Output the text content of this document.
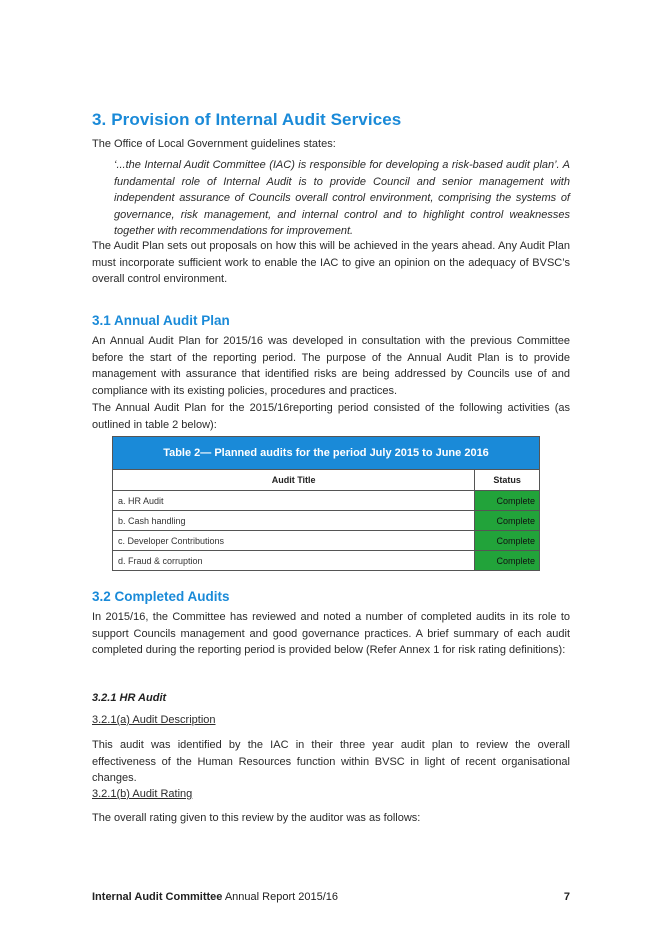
3. Provision of Internal Audit Services

The Office of Local Government guidelines states:

‘...the Internal Audit Committee (IAC) is responsible for developing a risk-based audit plan’. A fundamental role of Internal Audit is to provide Council and senior management with independent assurance of Councils overall control environment, comprising the systems of governance, risk management, and internal control and to highlight control weaknesses together with recommendations for improvement.

The Audit Plan sets out proposals on how this will be achieved in the years ahead. Any Audit Plan must incorporate sufficient work to enable the IAC to give an opinion on the adequacy of BVSC’s overall control environment.

3.1 Annual Audit Plan

An Annual Audit Plan for 2015/16 was developed in consultation with the previous Committee before the start of the reporting period. The purpose of the Annual Audit Plan is to provide management with assurance that identified risks are being addressed by Councils use of and compliance with its existing policies, procedures and practices.

The Annual Audit Plan for the 2015/16reporting period consisted of the following activities (as outlined in table 2 below):

Table 2— Planned audits for the period July 2015 to June 2016	
Audit Title	Status
a. HR Audit	Complete
b. Cash handling	Complete
c. Developer Contributions	Complete
d. Fraud & corruption	Complete
3.2 Completed Audits

In 2015/16, the Committee has reviewed and noted a number of completed audits in its role to support Councils management and good governance practices. A brief summary of each audit completed during the reporting period is provided below (Refer Annex 1 for risk rating definitions):

3.2.1 HR Audit

3.2.1(a) Audit Description

This audit was identified by the IAC in their three year audit plan to review the overall effectiveness of the Human Resources function within BVSC in light of recent organisational changes.

3.2.1(b) Audit Rating

The overall rating given to this review by the auditor was as follows:

Internal Audit Committee Annual Report 2015/16	7
